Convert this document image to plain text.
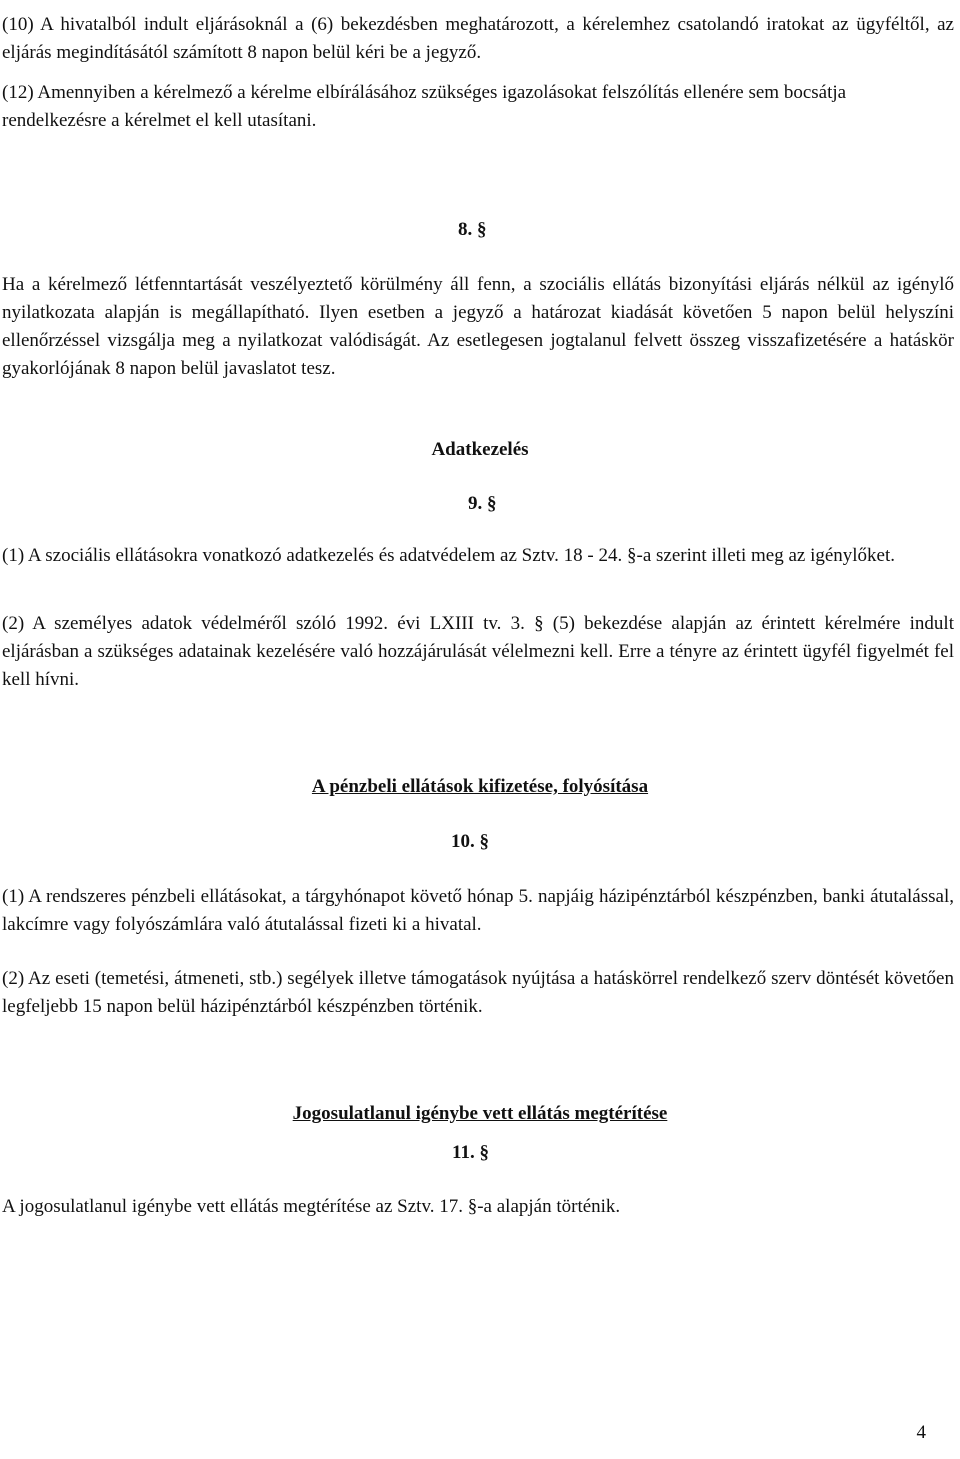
(10) A hivatalból indult eljárásoknál a (6) bekezdésben meghatározott, a kérelemhez csatolandó iratokat az ügyféltől, az eljárás megindításától számított 8 napon belül kéri be a jegyző.

(12) Amennyiben a kérelmező a kérelme elbírálásához szükséges igazolásokat felszólítás ellenére sem bocsátja rendelkezésre a kérelmet el kell utasítani.

8. §

Ha a kérelmező létfenntartását veszélyeztető körülmény áll fenn, a szociális ellátás bizonyítási eljárás nélkül az igénylő nyilatkozata alapján is megállapítható. Ilyen esetben a jegyző a határozat kiadását követően 5 napon belül helyszíni ellenőrzéssel vizsgálja meg a nyilatkozat valódiságát. Az esetlegesen jogtalanul felvett összeg visszafizetésére a hatáskör gyakorlójának 8 napon belül javaslatot tesz.

Adatkezelés

9. §

(1) A szociális ellátásokra vonatkozó adatkezelés és adatvédelem az Sztv. 18 - 24. §-a szerint illeti meg az igénylőket.

(2) A személyes adatok védelméről szóló 1992. évi LXIII tv. 3. § (5) bekezdése alapján az érintett kérelmére indult eljárásban a szükséges adatainak kezelésére való hozzájárulását vélelmezni kell. Erre a tényre az érintett ügyfél figyelmét fel kell hívni.

A pénzbeli ellátások kifizetése, folyósítása

10. §

(1) A rendszeres pénzbeli ellátásokat, a tárgyhónapot követő hónap 5. napjáig házipénztárból készpénzben, banki átutalással, lakcímre vagy folyószámlára való átutalással fizeti ki a hivatal.

(2) Az eseti (temetési, átmeneti, stb.) segélyek illetve támogatások nyújtása a hatáskörrel rendelkező szerv döntését követően legfeljebb 15 napon belül házipénztárból készpénzben történik.

Jogosulatlanul igénybe vett ellátás megtérítése

11. §

A jogosulatlanul igénybe vett ellátás megtérítése az Sztv. 17. §-a alapján történik.

4
